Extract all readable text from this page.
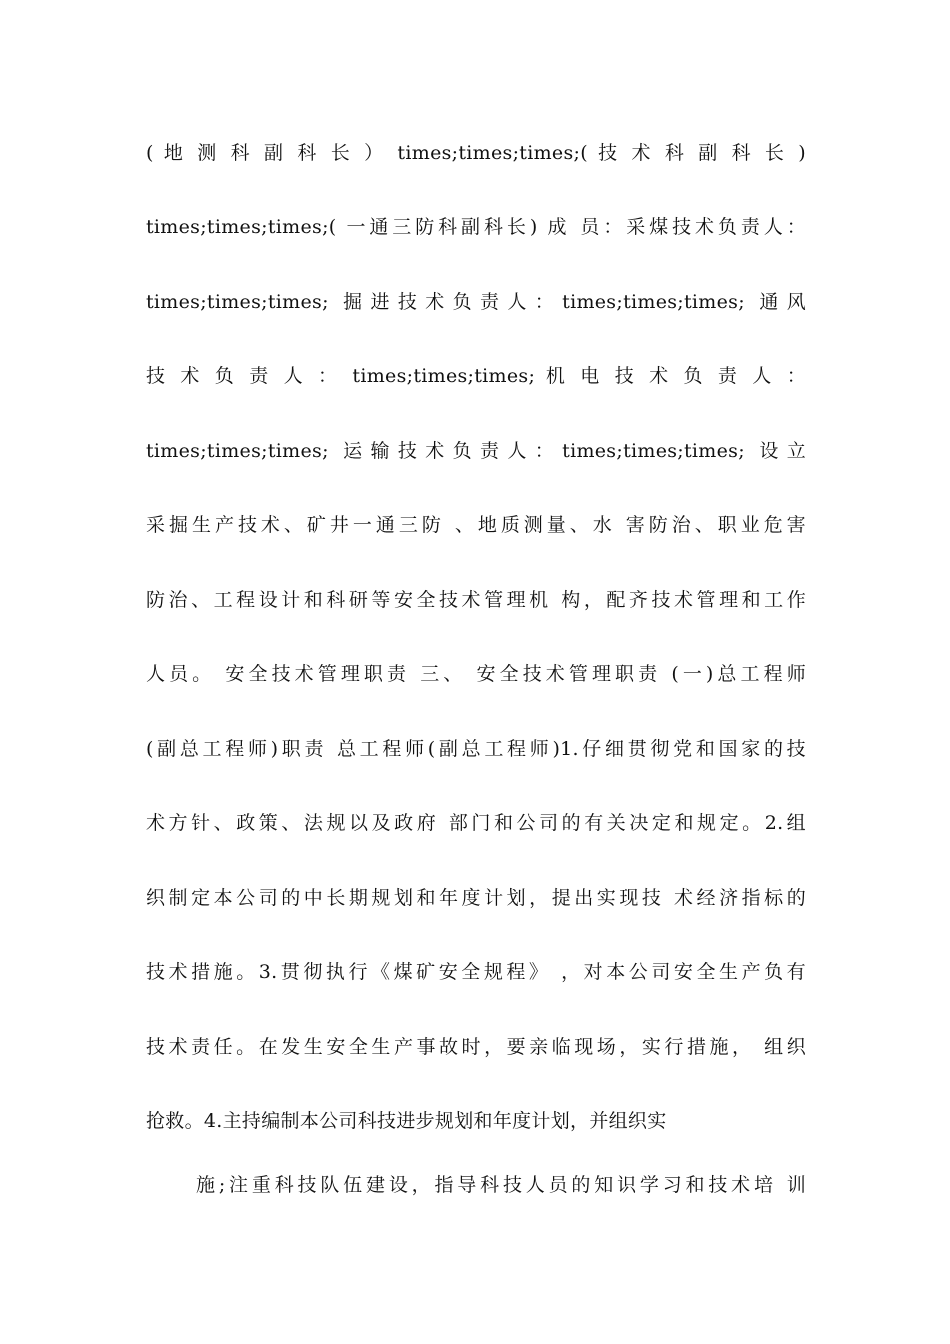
( 地 测 科 副 科 长 ） times;times;times;( 技 术 科 副 科 长 )
times;times;times;( 一通三防科副科长) 成 员：采煤技术负责人：
times;times;times; 掘进技术负责人：times;times;times; 通风
技 术 负 责 人 ： times;times;times; 机 电 技 术 负 责 人 ：
times;times;times; 运输技术负责人：times;times;times; 设立
采掘生产技术、矿井一通三防 、地质测量、水 害防治、职业危害
防治、工程设计和科研等安全技术管理机 构，配齐技术管理和工作
人员。 安全技术管理职责 三、 安全技术管理职责 (一)总工程师
(副总工程师)职责 总工程师(副总工程师)1.仔细贯彻党和国家的技
术方针、政策、法规以及政府 部门和公司的有关决定和规定。2.组
织制定本公司的中长期规划和年度计划，提出实现技 术经济指标的
技术措施。3.贯彻执行《煤矿安全规程》 ，对本公司安全生产负有
技术责任。在发生安全生产事故时，要亲临现场，实行措施， 组织
抢救。4.主持编制本公司科技进步规划和年度计划，并组织实
施;注重科技队伍建设，指导科技人员的知识学习和技术培 训
